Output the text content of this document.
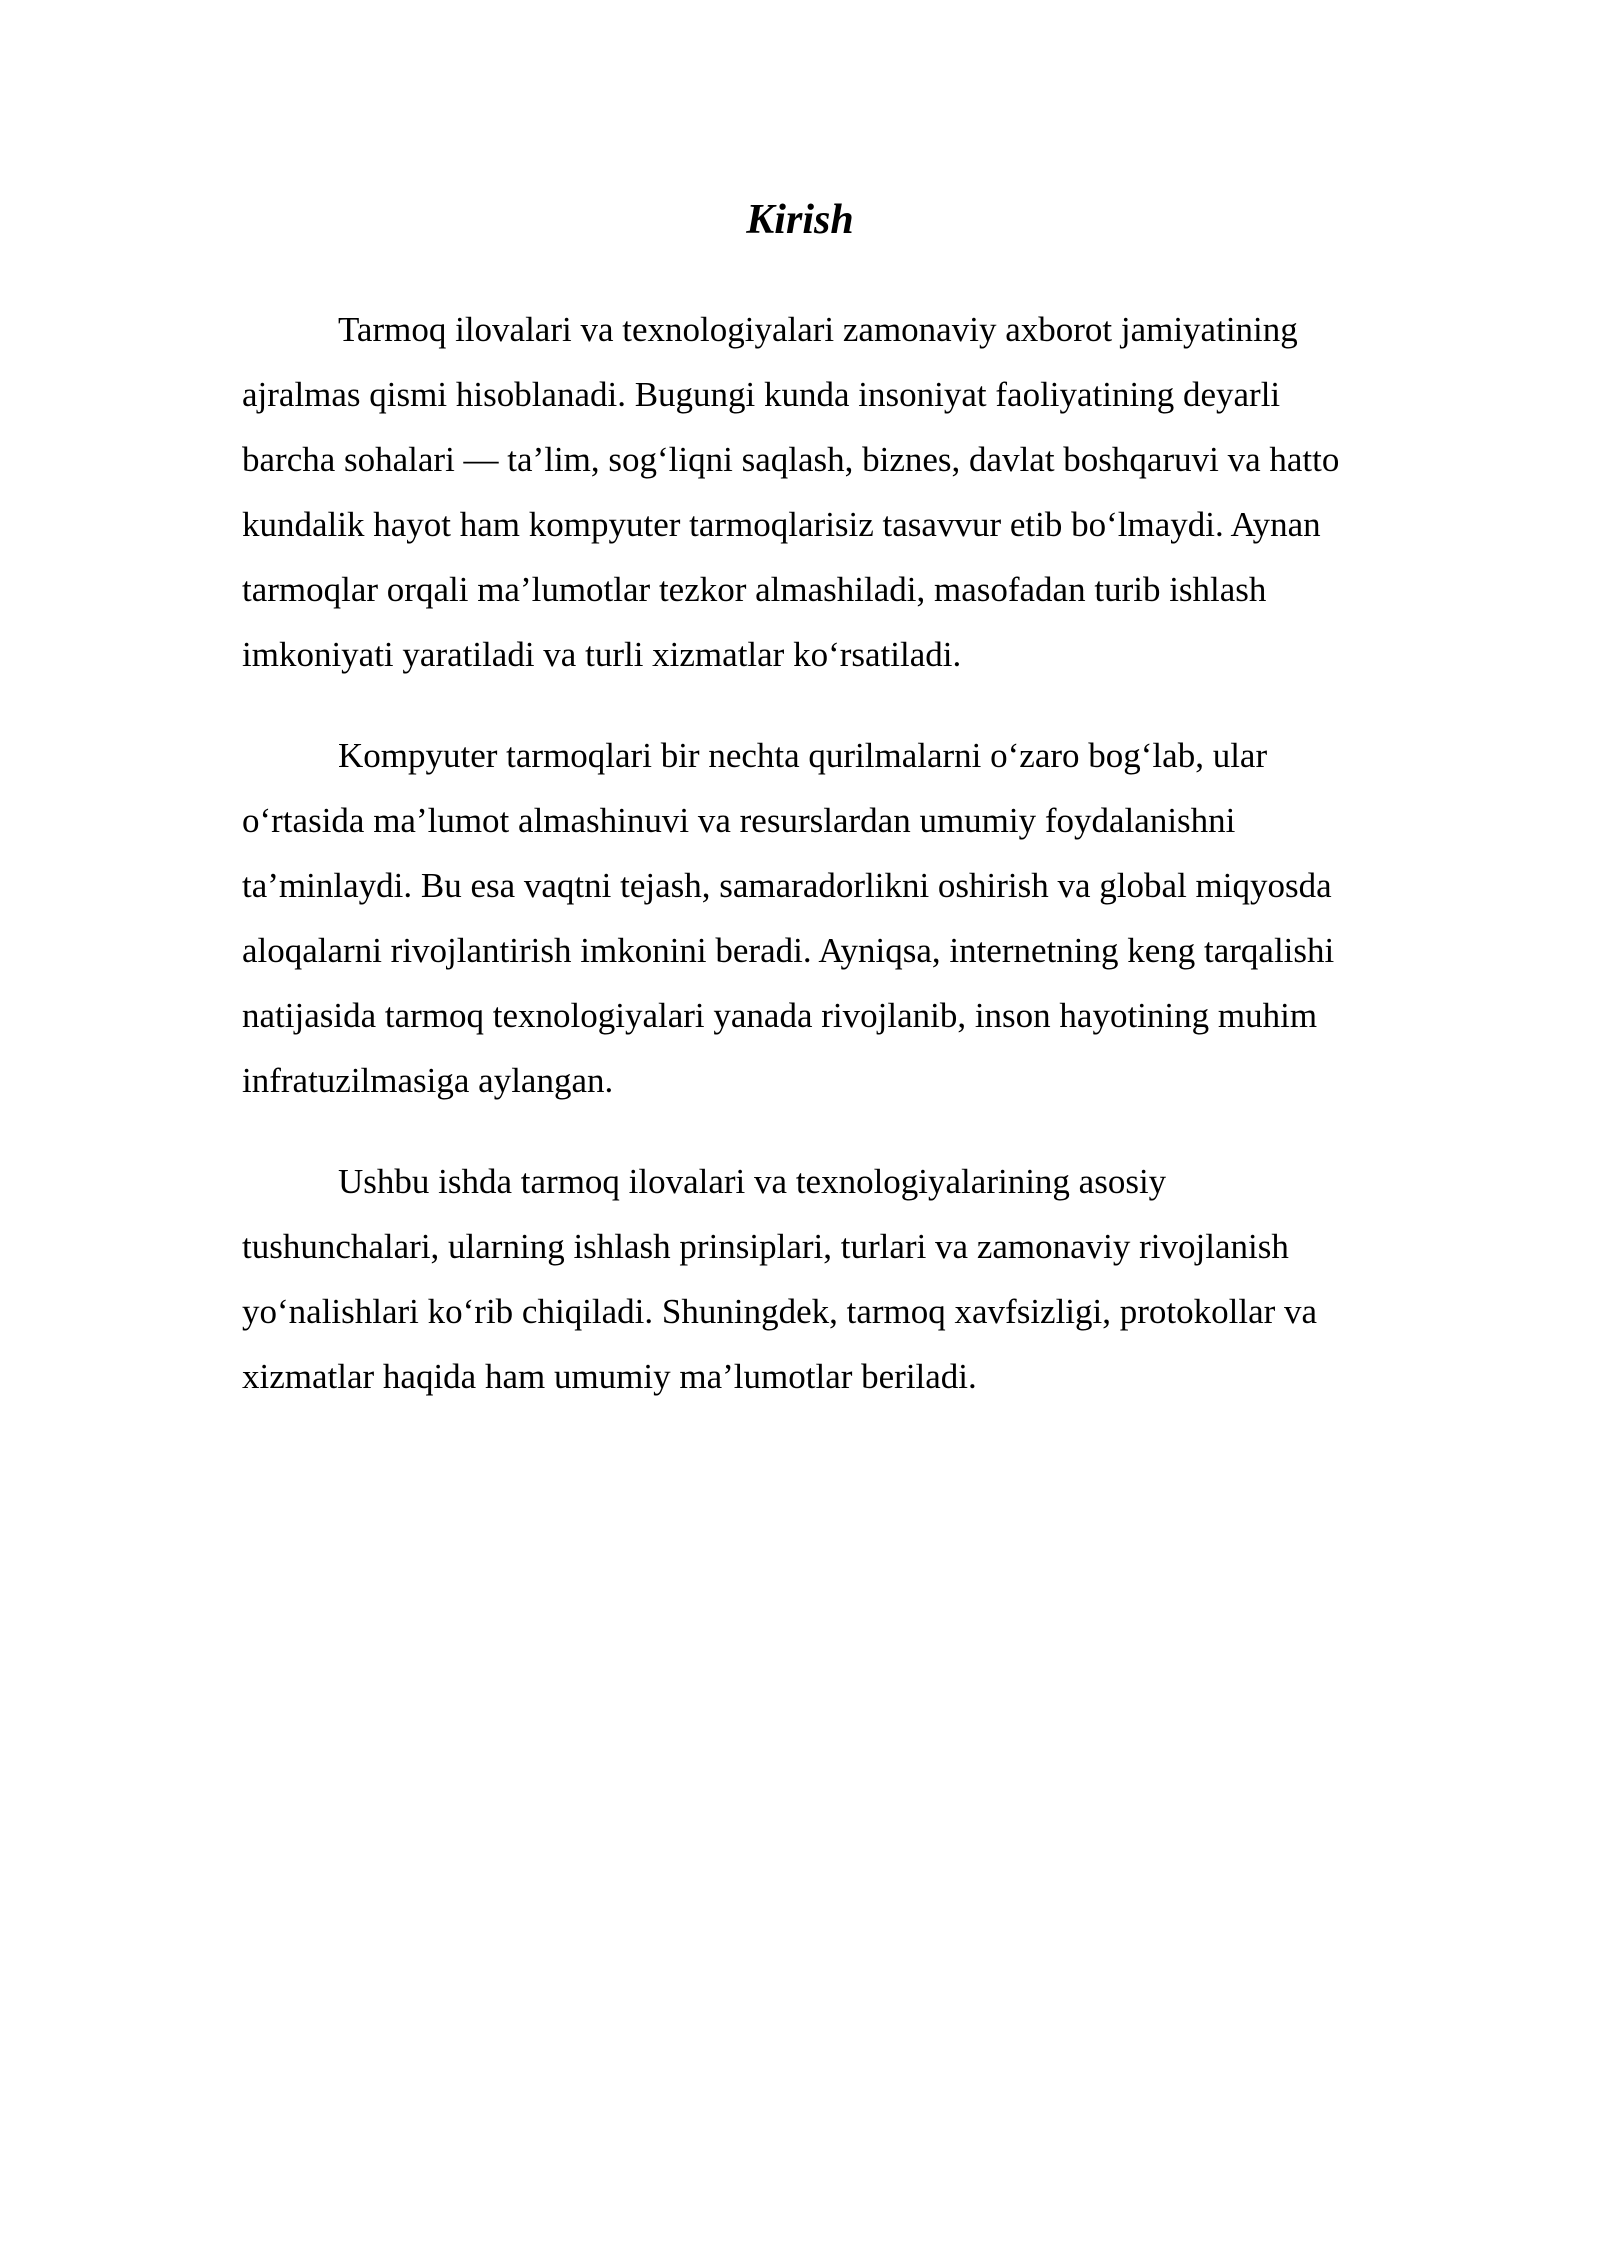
Kirish

Tarmoq ilovalari va texnologiyalari zamonaviy axborot jamiyatining ajralmas qismi hisoblanadi. Bugungi kunda insoniyat faoliyatining deyarli barcha sohalari — ta’lim, sog‘liqni saqlash, biznes, davlat boshqaruvi va hatto kundalik hayot ham kompyuter tarmoqlarisiz tasavvur etib bo‘lmaydi. Aynan tarmoqlar orqali ma’lumotlar tezkor almashiladi, masofadan turib ishlash imkoniyati yaratiladi va turli xizmatlar ko‘rsatiladi.

Kompyuter tarmoqlari bir nechta qurilmalarni o‘zaro bog‘lab, ular o‘rtasida ma’lumot almashinuvi va resurslardan umumiy foydalanishni ta’minlaydi. Bu esa vaqtni tejash, samaradorlikni oshirish va global miqyosda aloqalarni rivojlantirish imkonini beradi. Ayniqsa, internetning keng tarqalishi natijasida tarmoq texnologiyalari yanada rivojlanib, inson hayotining muhim infratuzilmasiga aylangan.

Ushbu ishda tarmoq ilovalari va texnologiyalarining asosiy tushunchalari, ularning ishlash prinsiplari, turlari va zamonaviy rivojlanish yo‘nalishlari ko‘rib chiqiladi. Shuningdek, tarmoq xavfsizligi, protokollar va xizmatlar haqida ham umumiy ma’lumotlar beriladi.
